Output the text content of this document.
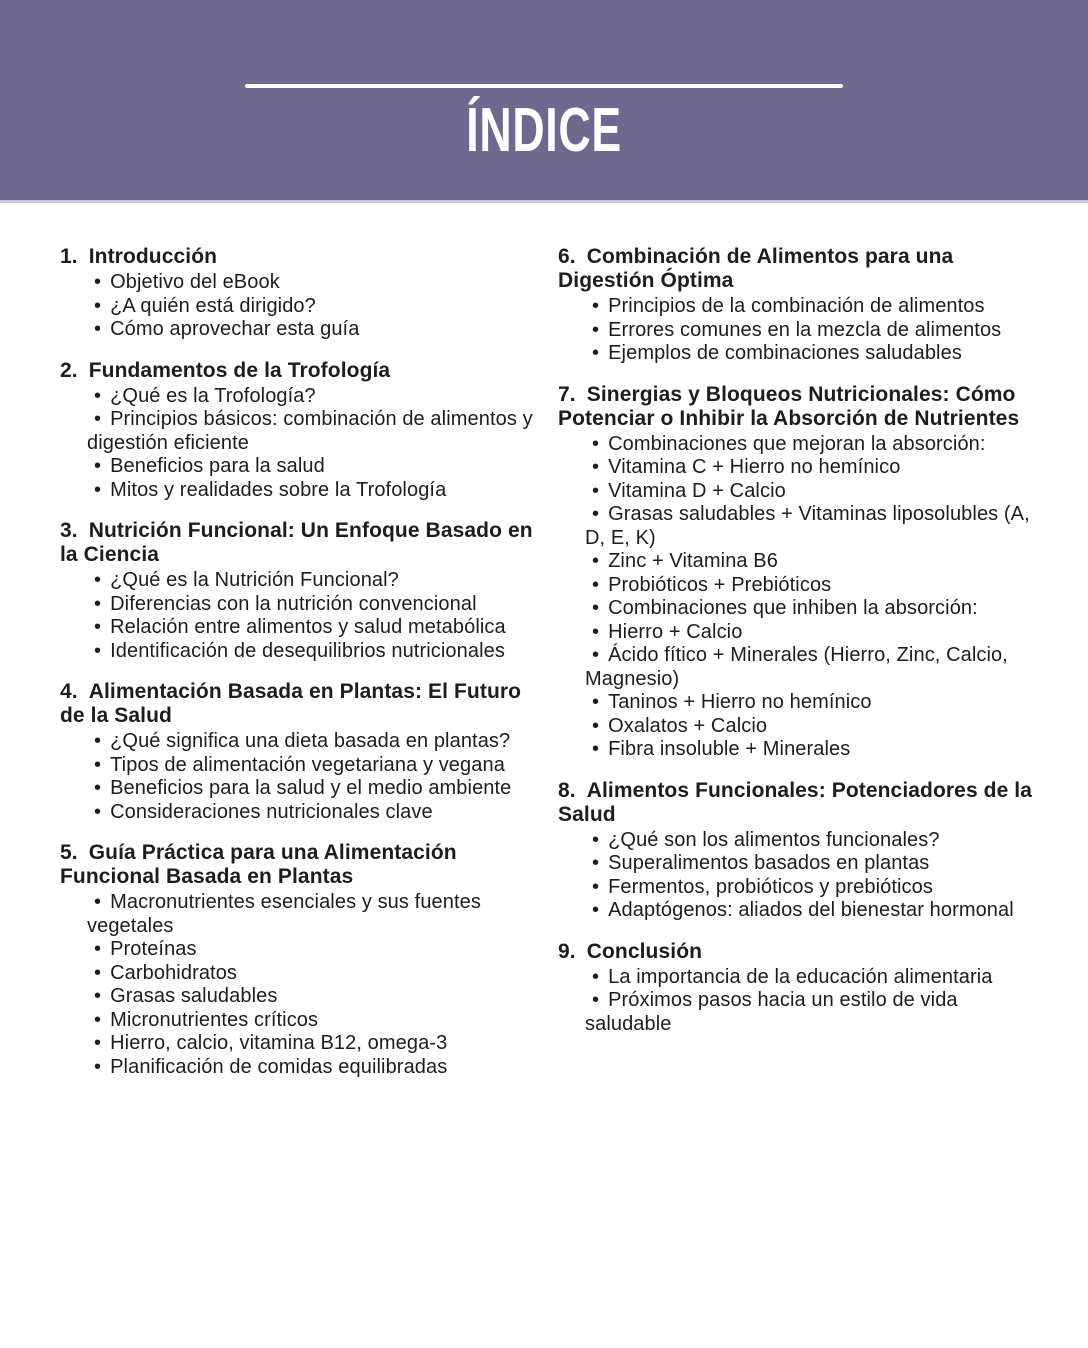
ÍNDICE
1. Introducción
• Objetivo del eBook
• ¿A quién está dirigido?
• Cómo aprovechar esta guía
2. Fundamentos de la Trofología
• ¿Qué es la Trofología?
• Principios básicos: combinación de alimentos y digestión eficiente
• Beneficios para la salud
• Mitos y realidades sobre la Trofología
3. Nutrición Funcional: Un Enfoque Basado en la Ciencia
• ¿Qué es la Nutrición Funcional?
• Diferencias con la nutrición convencional
• Relación entre alimentos y salud metabólica
• Identificación de desequilibrios nutricionales
4. Alimentación Basada en Plantas: El Futuro de la Salud
• ¿Qué significa una dieta basada en plantas?
• Tipos de alimentación vegetariana y vegana
• Beneficios para la salud y el medio ambiente
• Consideraciones nutricionales clave
5. Guía Práctica para una Alimentación Funcional Basada en Plantas
• Macronutrientes esenciales y sus fuentes vegetales
• Proteínas
• Carbohidratos
• Grasas saludables
• Micronutrientes críticos
• Hierro, calcio, vitamina B12, omega-3
• Planificación de comidas equilibradas
6. Combinación de Alimentos para una Digestión Óptima
• Principios de la combinación de alimentos
• Errores comunes en la mezcla de alimentos
• Ejemplos de combinaciones saludables
7. Sinergias y Bloqueos Nutricionales: Cómo Potenciar o Inhibir la Absorción de Nutrientes
• Combinaciones que mejoran la absorción:
• Vitamina C + Hierro no hemínico
• Vitamina D + Calcio
• Grasas saludables + Vitaminas liposolubles (A, D, E, K)
• Zinc + Vitamina B6
• Probióticos + Prebióticos
• Combinaciones que inhiben la absorción:
• Hierro + Calcio
• Ácido fítico + Minerales (Hierro, Zinc, Calcio, Magnesio)
• Taninos + Hierro no hemínico
• Oxalatos + Calcio
• Fibra insoluble + Minerales
8. Alimentos Funcionales: Potenciadores de la Salud
• ¿Qué son los alimentos funcionales?
• Superalimentos basados en plantas
• Fermentos, probióticos y prebióticos
• Adaptógenos: aliados del bienestar hormonal
9. Conclusión
• La importancia de la educación alimentaria
• Próximos pasos hacia un estilo de vida saludable
